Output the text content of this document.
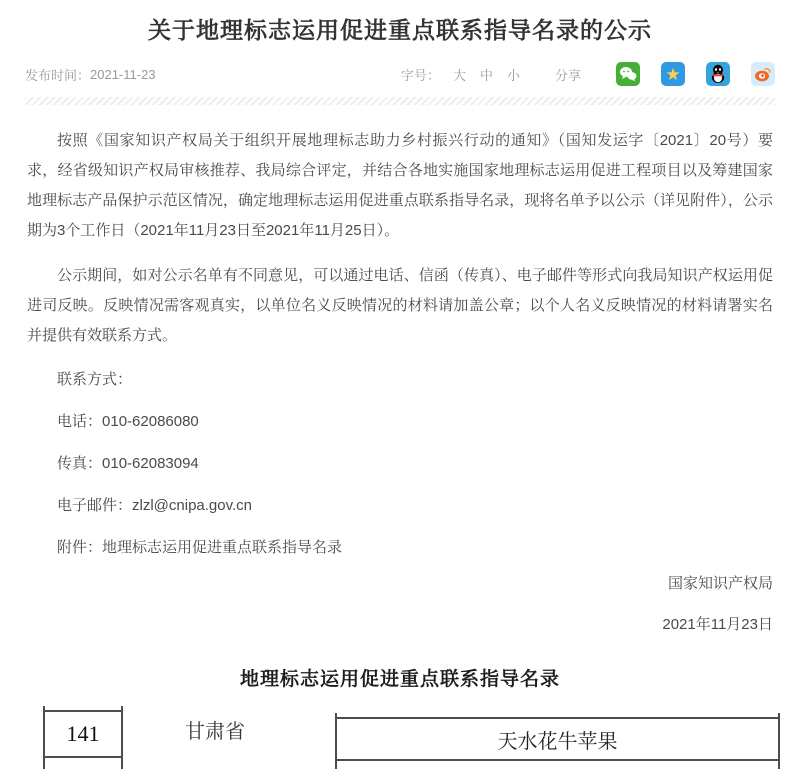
关于地理标志运用促进重点联系指导名录的公示
发布时间： 2021-11-23	字号： 大 中 小	分享	★

按照《国家知识产权局关于组织开展地理标志助力乡村振兴行动的通知》（国知发运字〔2021〕20号）要求，经省级知识产权局审核推荐、我局综合评定，并结合各地实施国家地理标志运用促进工程项目以及筹建国家地理标志产品保护示范区情况，确定地理标志运用促进重点联系指导名录，现将名单予以公示（详见附件），公示期为3个工作日（2021年11月23日至2021年11月25日）。

公示期间，如对公示名单有不同意见，可以通过电话、信函（传真）、电子邮件等形式向我局知识产权运用促进司反映。反映情况需客观真实，以单位名义反映情况的材料请加盖公章；以个人名义反映情况的材料请署实名并提供有效联系方式。

联系方式：
电话：010-62086080
传真：010-62083094
电子邮件：zlzl@cnipa.gov.cn
附件：地理标志运用促进重点联系指导名录
国家知识产权局
2021年11月23日
地理标志运用促进重点联系指导名录
141	甘肃省	天水花牛苹果
